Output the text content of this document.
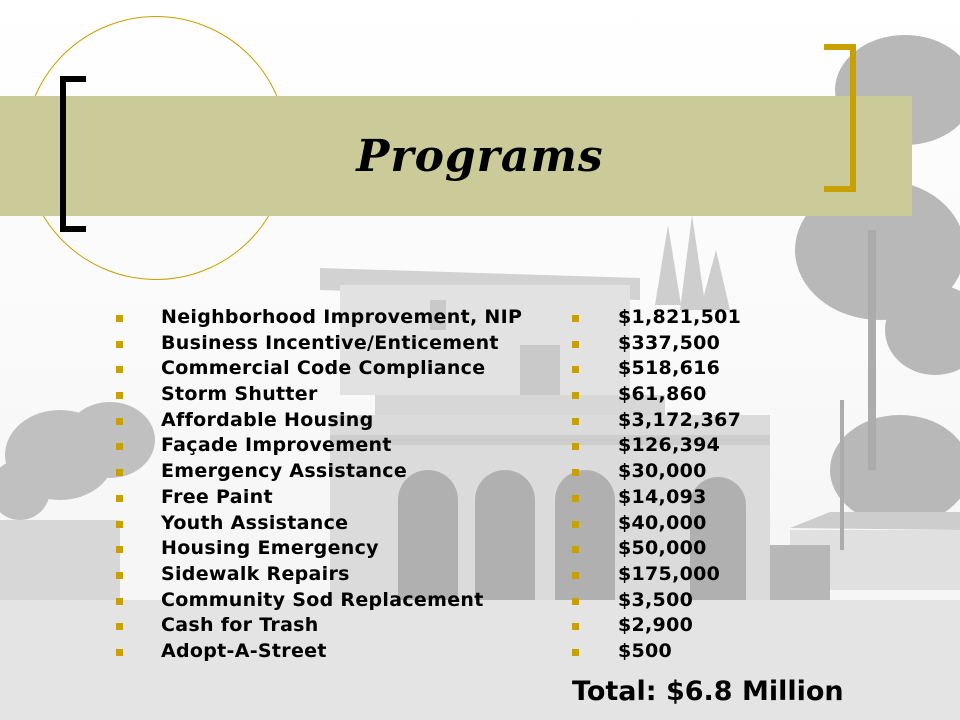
Programs
Neighborhood Improvement, NIP
Business Incentive/Enticement
Commercial Code Compliance
Storm Shutter
Affordable Housing
Façade Improvement
Emergency Assistance
Free Paint
Youth Assistance
Housing Emergency
Sidewalk Repairs
Community Sod Replacement
Cash for Trash
Adopt-A-Street
$1,821,501
$337,500
$518,616
$61,860
$3,172,367
$126,394
$30,000
$14,093
$40,000
$50,000
$175,000
$3,500
$2,900
$500
Total: $6.8 Million
